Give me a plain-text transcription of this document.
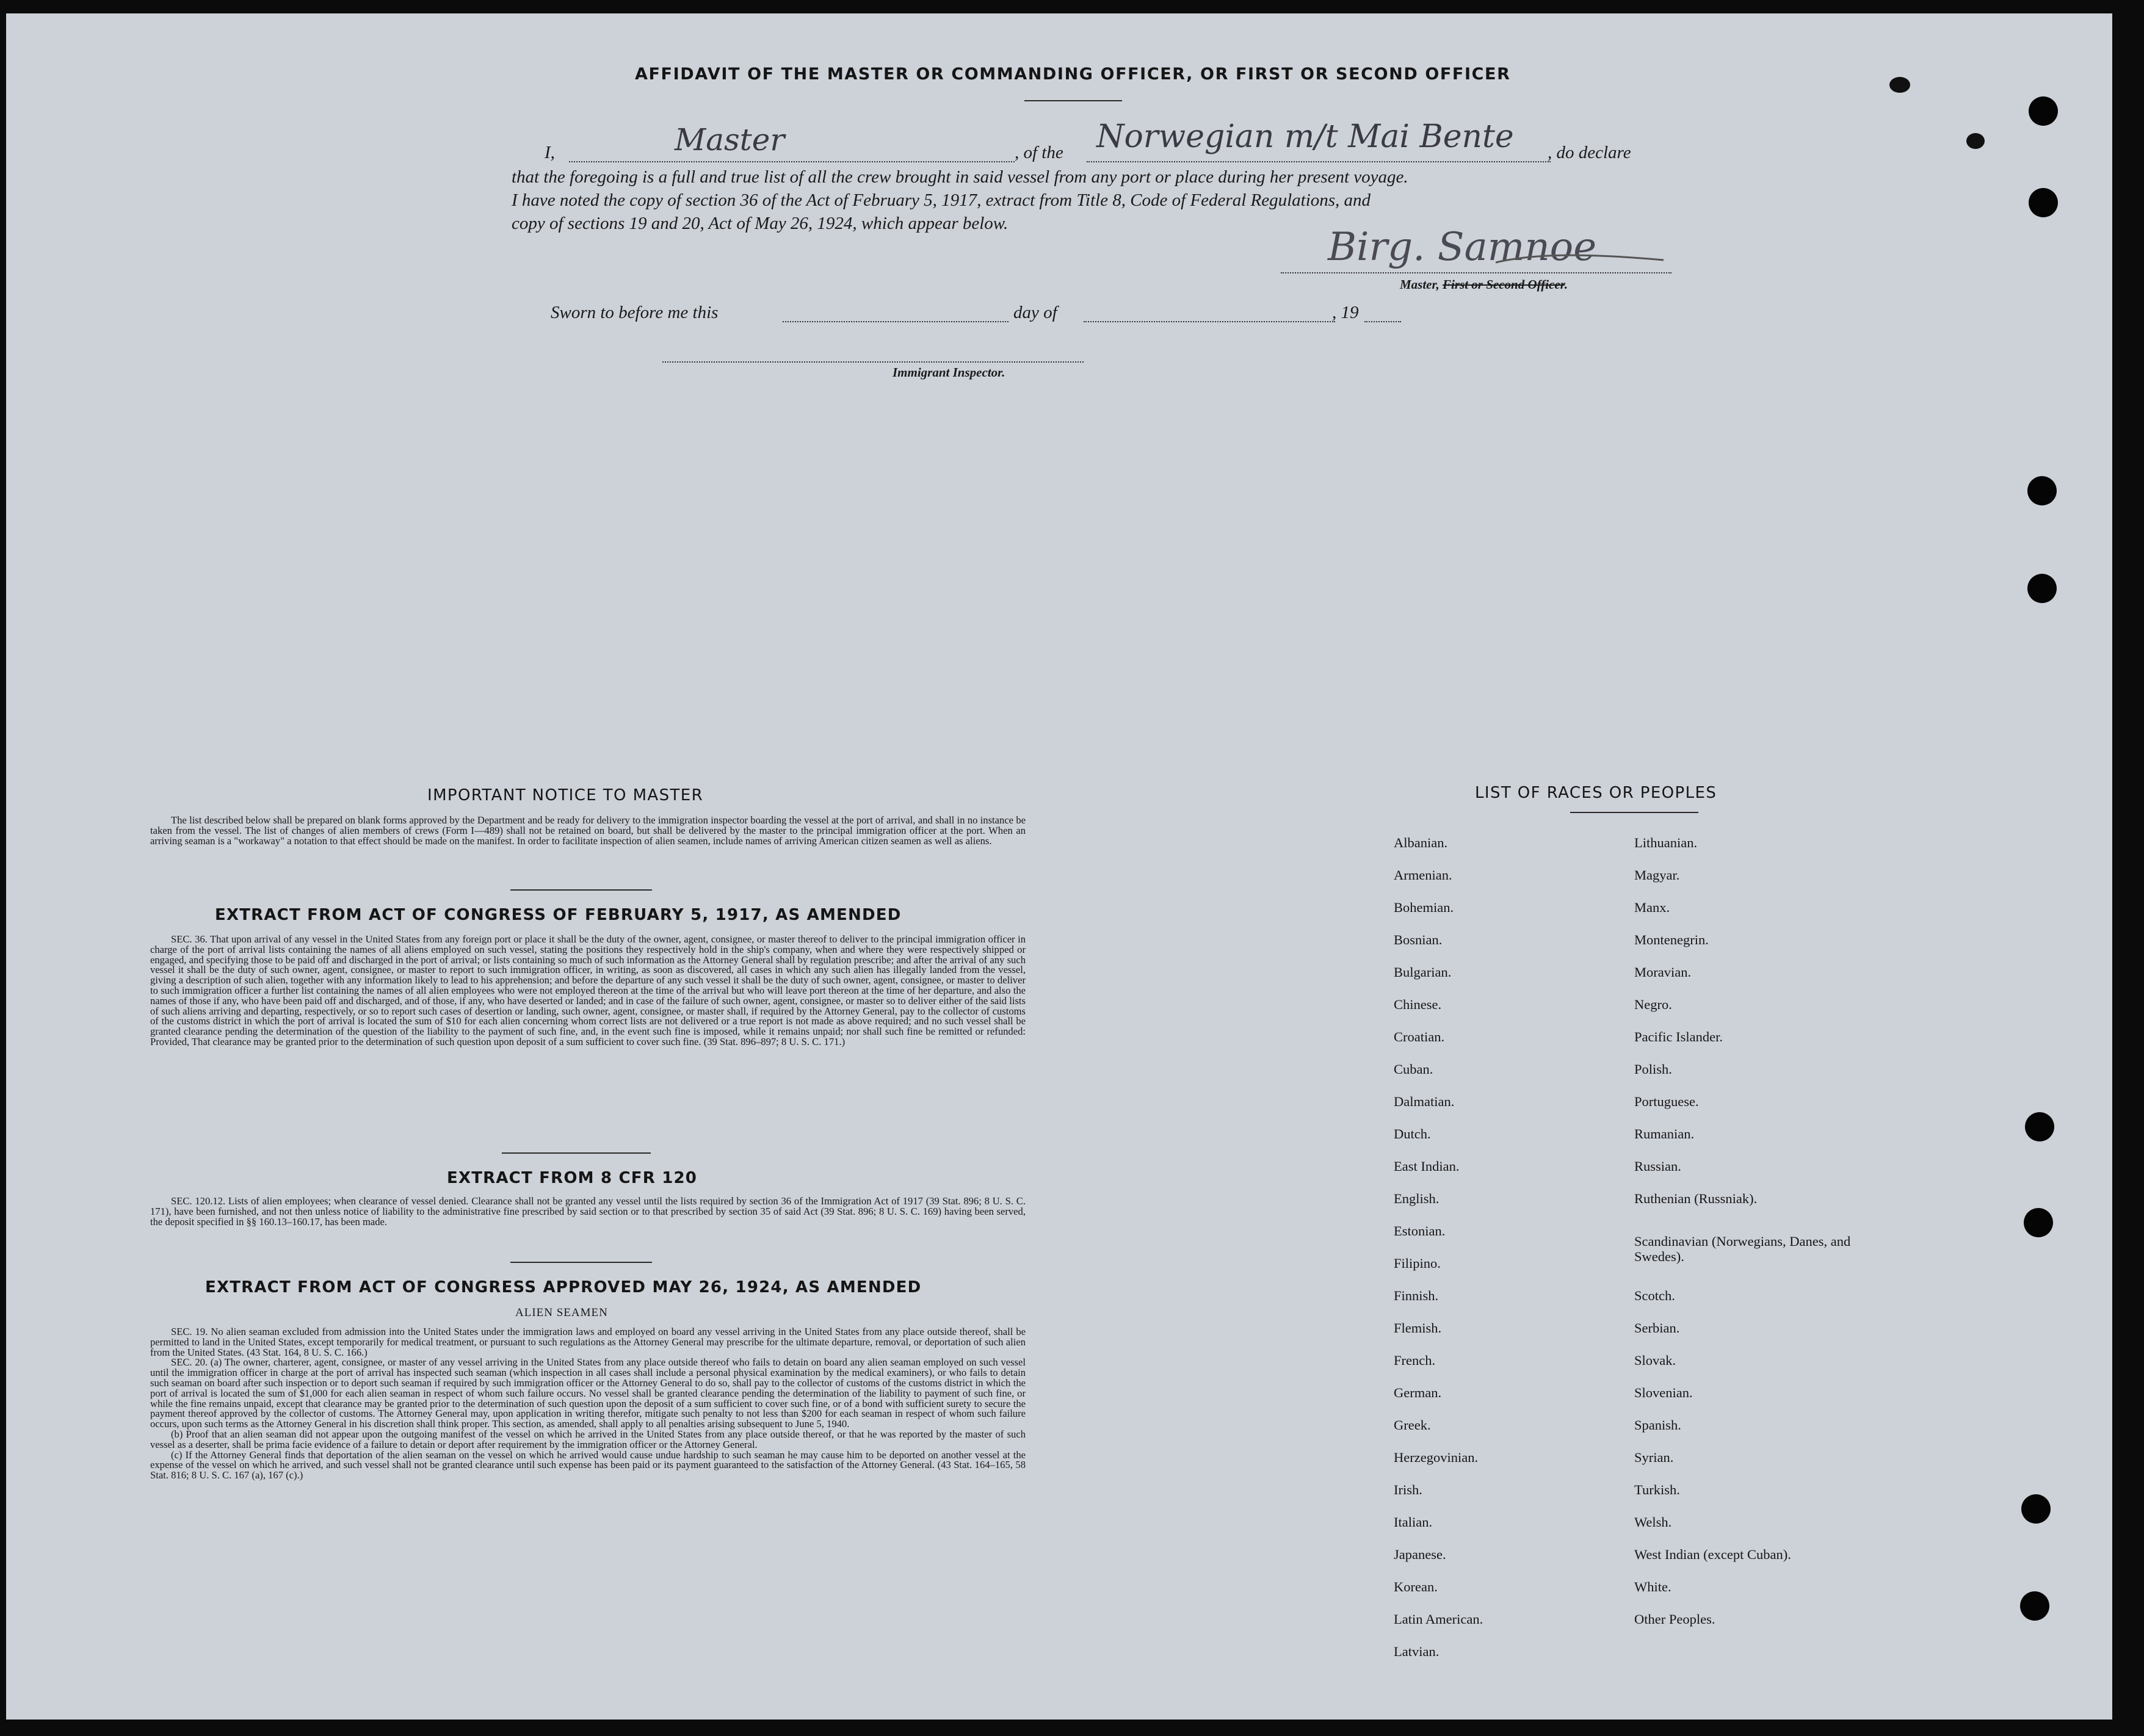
AFFIDAVIT OF THE MASTER OR COMMANDING OFFICER, OR FIRST OR SECOND OFFICER
I,	Master	, of the Norwegian m/t Mai Bente , do declare
that the foregoing is a full and true list of all the crew brought in said vessel from any port or place during her present voyage.
I have noted the copy of section 36 of the Act of February 5, 1917, extract from Title 8, Code of Federal Regulations, and
copy of sections 19 and 20, Act of May 26, 1924, which appear below.
Birg. Samnoe
Master, First or Second Officer.
Sworn to before me this	day of	, 19
Immigrant Inspector.
IMPORTANT NOTICE TO MASTER

The list described below shall be prepared on blank forms approved by the Department and be ready for delivery to the immigration inspector boarding the vessel at the port of arrival, and shall in no instance be taken from the vessel. The list of changes of alien members of crews (Form I—489) shall not be retained on board, but shall be delivered by the master to the principal immigration officer at the port. When an arriving seaman is a "workaway" a notation to that effect should be made on the manifest. In order to facilitate inspection of alien seamen, include names of arriving American citizen seamen as well as aliens.

EXTRACT FROM ACT OF CONGRESS OF FEBRUARY 5, 1917, AS AMENDED

SEC. 36. That upon arrival of any vessel in the United States from any foreign port or place it shall be the duty of the owner, agent, consignee, or master thereof to deliver to the principal immigration officer in charge of the port of arrival lists containing the names of all aliens employed on such vessel, stating the positions they respectively hold in the ship's company, when and where they were respectively shipped or engaged, and specifying those to be paid off and discharged in the port of arrival; or lists containing so much of such information as the Attorney General shall by regulation prescribe; and after the arrival of any such vessel it shall be the duty of such owner, agent, consignee, or master to report to such immigration officer, in writing, as soon as discovered, all cases in which any such alien has illegally landed from the vessel, giving a description of such alien, together with any information likely to lead to his apprehension; and before the departure of any such vessel it shall be the duty of such owner, agent, consignee, or master to deliver to such immigration officer a further list containing the names of all alien employees who were not employed thereon at the time of the arrival but who will leave port thereon at the time of her departure, and also the names of those if any, who have been paid off and discharged, and of those, if any, who have deserted or landed; and in case of the failure of such owner, agent, consignee, or master so to deliver either of the said lists of such aliens arriving and departing, respectively, or so to report such cases of desertion or landing, such owner, agent, consignee, or master shall, if required by the Attorney General, pay to the collector of customs of the customs district in which the port of arrival is located the sum of $10 for each alien concerning whom correct lists are not delivered or a true report is not made as above required; and no such vessel shall be granted clearance pending the determination of the question of the liability to the payment of such fine, and, in the event such fine is imposed, while it remains unpaid; nor shall such fine be remitted or refunded: Provided, That clearance may be granted prior to the determination of such question upon deposit of a sum sufficient to cover such fine. (39 Stat. 896–897; 8 U. S. C. 171.)

EXTRACT FROM 8 CFR 120

SEC. 120.12. Lists of alien employees; when clearance of vessel denied. Clearance shall not be granted any vessel until the lists required by section 36 of the Immigration Act of 1917 (39 Stat. 896; 8 U. S. C. 171), have been furnished, and not then unless notice of liability to the administrative fine prescribed by said section or to that prescribed by section 35 of said Act (39 Stat. 896; 8 U. S. C. 169) having been served, the deposit specified in §§ 160.13–160.17, has been made.

EXTRACT FROM ACT OF CONGRESS APPROVED MAY 26, 1924, AS AMENDED
ALIEN SEAMEN

SEC. 19. No alien seaman excluded from admission into the United States under the immigration laws and employed on board any vessel arriving in the United States from any place outside thereof, shall be permitted to land in the United States, except temporarily for medical treatment, or pursuant to such regulations as the Attorney General may prescribe for the ultimate departure, removal, or deportation of such alien from the United States. (43 Stat. 164, 8 U. S. C. 166.)

SEC. 20. (a) The owner, charterer, agent, consignee, or master of any vessel arriving in the United States from any place outside thereof who fails to detain on board any alien seaman employed on such vessel until the immigration officer in charge at the port of arrival has inspected such seaman (which inspection in all cases shall include a personal physical examination by the medical examiners), or who fails to detain such seaman on board after such inspection or to deport such seaman if required by such immigration officer or the Attorney General to do so, shall pay to the collector of customs of the customs district in which the port of arrival is located the sum of $1,000 for each alien seaman in respect of whom such failure occurs. No vessel shall be granted clearance pending the determination of the liability to payment of such fine, or while the fine remains unpaid, except that clearance may be granted prior to the determination of such question upon the deposit of a sum sufficient to cover such fine, or of a bond with sufficient surety to secure the payment thereof approved by the collector of customs. The Attorney General may, upon application in writing therefor, mitigate such penalty to not less than $200 for each seaman in respect of whom such failure occurs, upon such terms as the Attorney General in his discretion shall think proper. This section, as amended, shall apply to all penalties arising subsequent to June 5, 1940.

(b) Proof that an alien seaman did not appear upon the outgoing manifest of the vessel on which he arrived in the United States from any place outside thereof, or that he was reported by the master of such vessel as a deserter, shall be prima facie evidence of a failure to detain or deport after requirement by the immigration officer or the Attorney General.

(c) If the Attorney General finds that deportation of the alien seaman on the vessel on which he arrived would cause undue hardship to such seaman he may cause him to be deported on another vessel at the expense of the vessel on which he arrived, and such vessel shall not be granted clearance until such expense has been paid or its payment guaranteed to the satisfaction of the Attorney General. (43 Stat. 164–165, 58 Stat. 816; 8 U. S. C. 167 (a), 167 (c).)

LIST OF RACES OR PEOPLES
Albanian.
Armenian.
Bohemian.
Bosnian.
Bulgarian.
Chinese.
Croatian.
Cuban.
Dalmatian.
Dutch.
East Indian.
English.
Estonian.
Filipino.
Finnish.
Flemish.
French.
German.
Greek.
Herzegovinian.
Irish.
Italian.
Japanese.
Korean.
Latin American.
Latvian.
Lithuanian.
Magyar.
Manx.
Montenegrin.
Moravian.
Negro.
Pacific Islander.
Polish.
Portuguese.
Rumanian.
Russian.
Ruthenian (Russniak).
Scandinavian (Norwegians, Danes, and Swedes).
Scotch.
Serbian.
Slovak.
Slovenian.
Spanish.
Syrian.
Turkish.
Welsh.
West Indian (except Cuban).
White.
Other Peoples.
